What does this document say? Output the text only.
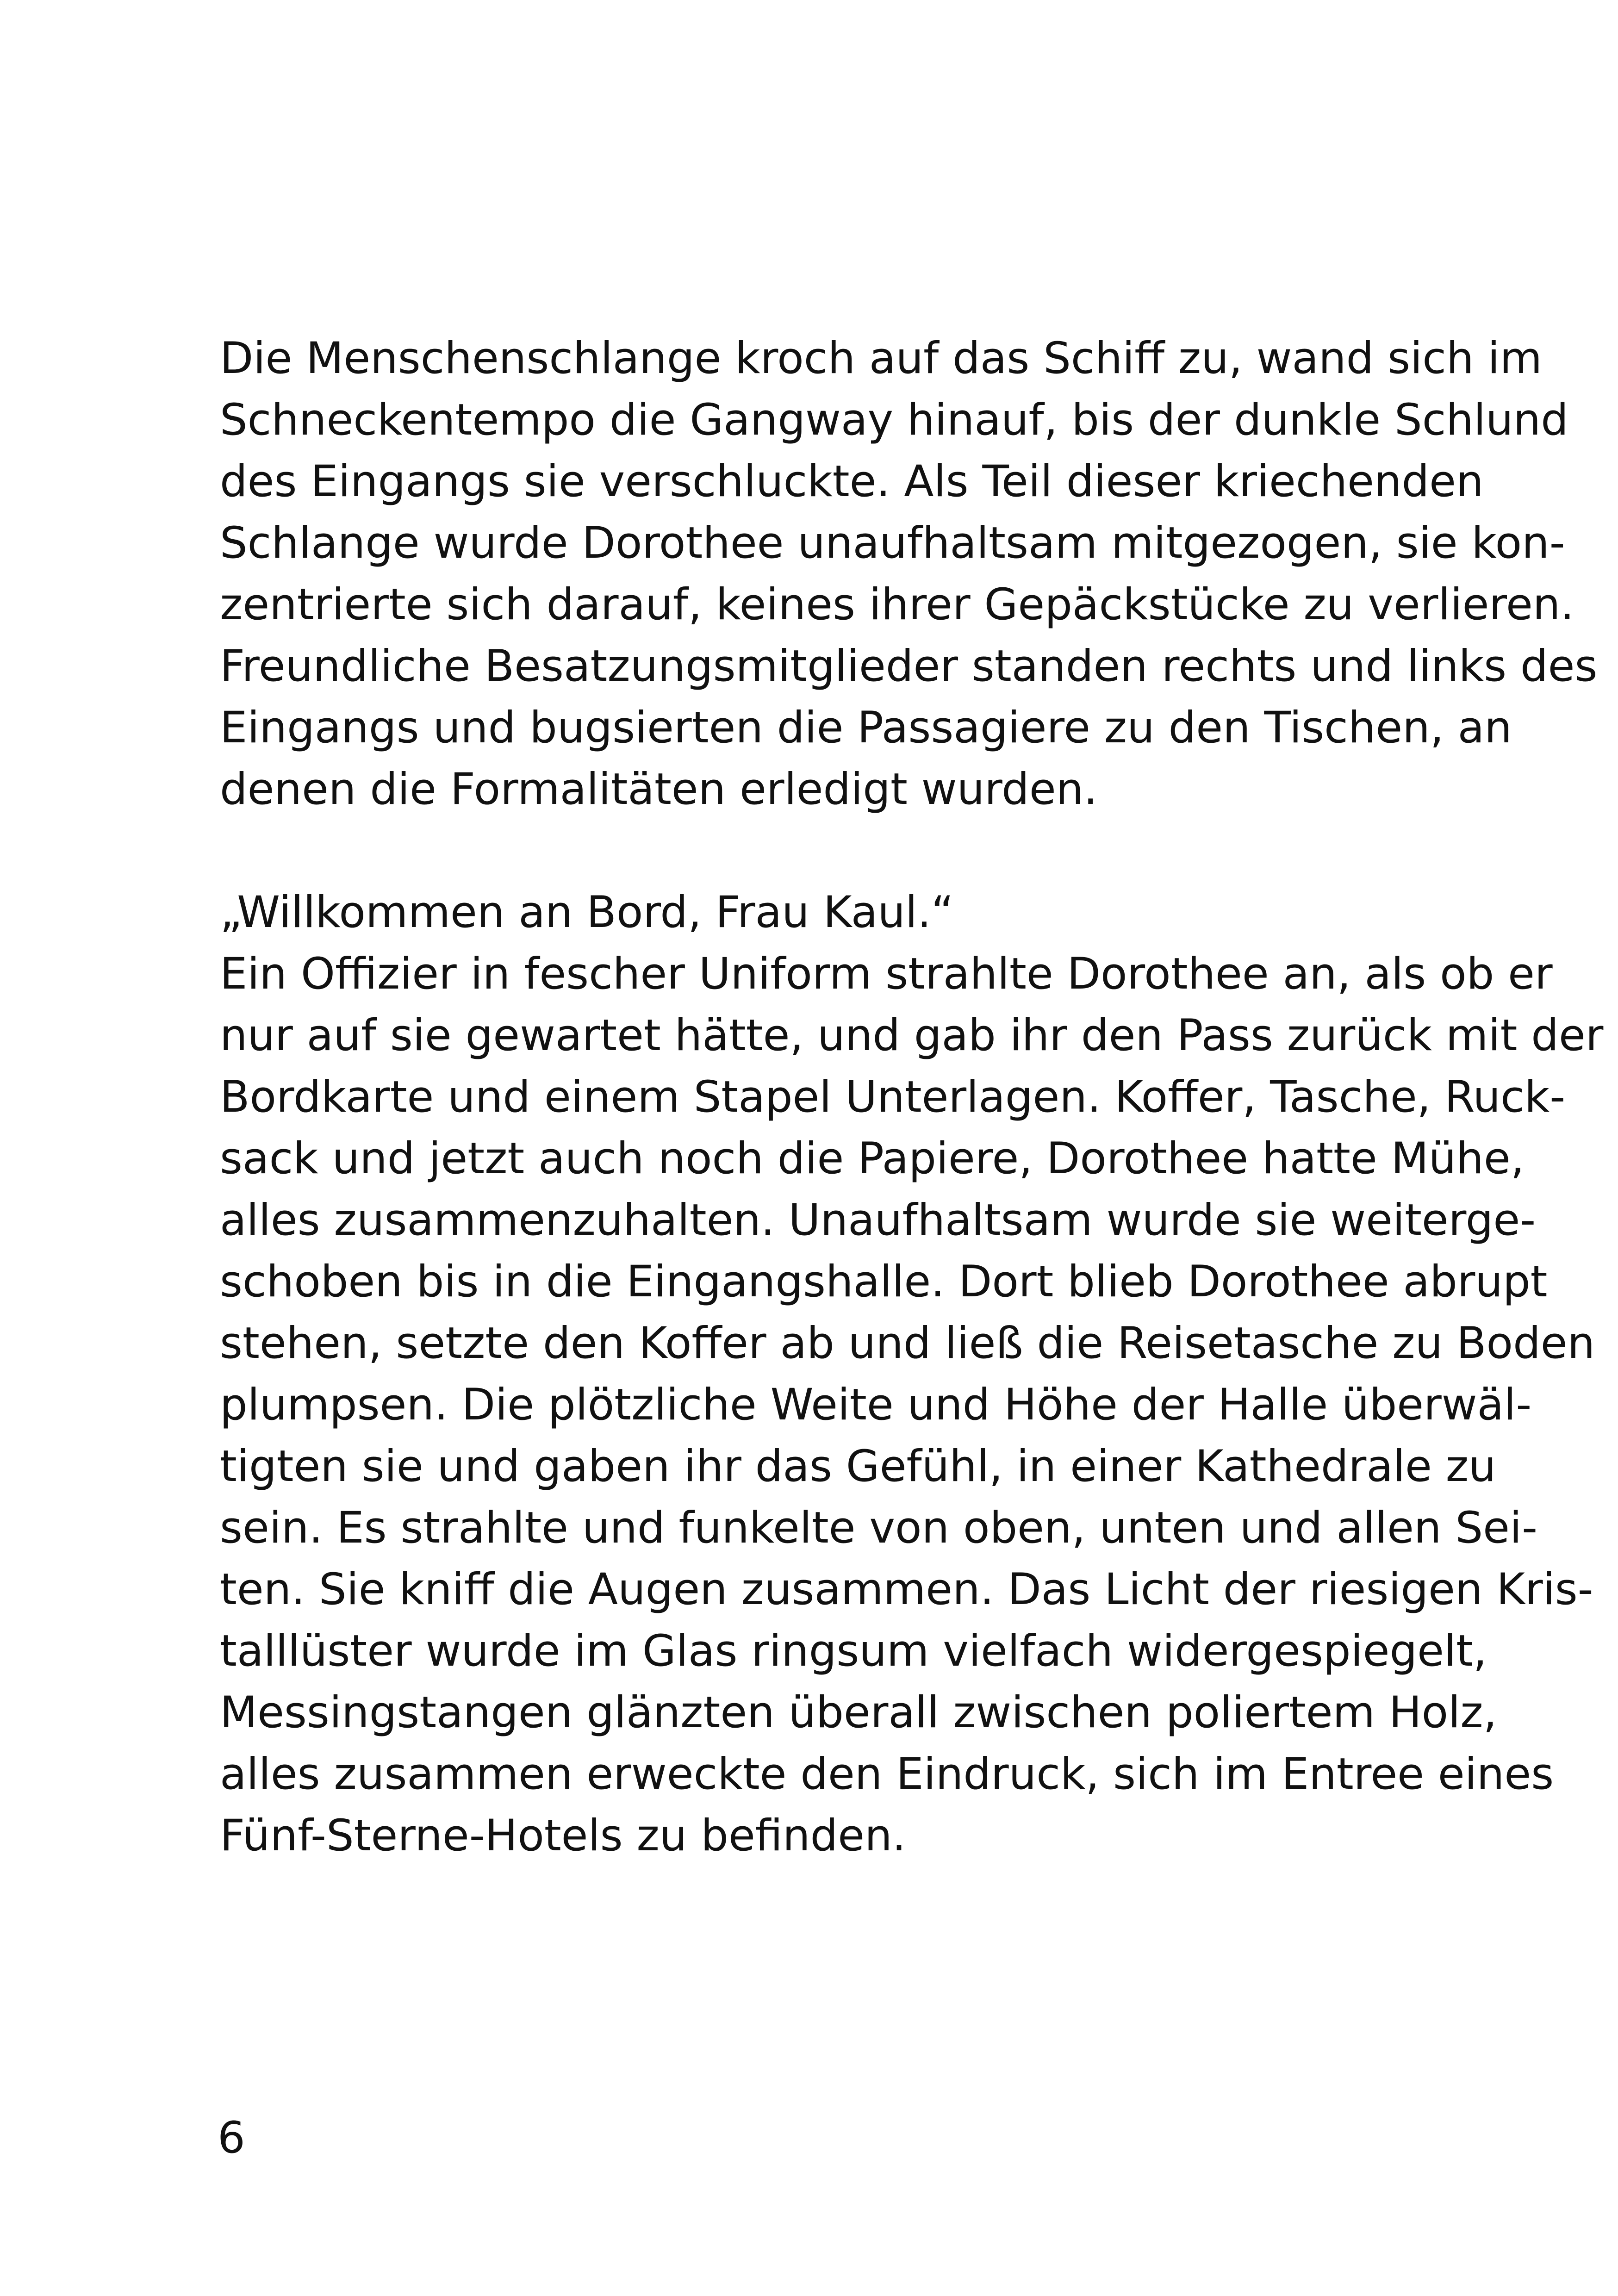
Die Menschenschlange kroch auf das Schiff zu, wand sich im
Schneckentempo die Gangway hinauf, bis der dunkle Schlund
des Eingangs sie verschluckte. Als Teil dieser kriechenden
Schlange wurde Dorothee unaufhaltsam mitgezogen, sie kon-
zentrierte sich darauf, keines ihrer Gepäckstücke zu verlieren.
Freundliche Besatzungsmitglieder standen rechts und links des
Eingangs und bugsierten die Passagiere zu den Tischen, an
denen die Formalitäten erledigt wurden.
„Willkommen an Bord, Frau Kaul.“
Ein Offizier in fescher Uniform strahlte Dorothee an, als ob er
nur auf sie gewartet hätte, und gab ihr den Pass zurück mit der
Bordkarte und einem Stapel Unterlagen. Koffer, Tasche, Ruck-
sack und jetzt auch noch die Papiere, Dorothee hatte Mühe,
alles zusammenzuhalten. Unaufhaltsam wurde sie weiterge-
schoben bis in die Eingangshalle. Dort blieb Dorothee abrupt
stehen, setzte den Koffer ab und ließ die Reisetasche zu Boden
plumpsen. Die plötzliche Weite und Höhe der Halle überwäl-
tigten sie und gaben ihr das Gefühl, in einer Kathedrale zu
sein. Es strahlte und funkelte von oben, unten und allen Sei-
ten. Sie kniff die Augen zusammen. Das Licht der riesigen Kris-
talllüster wurde im Glas ringsum vielfach widergespiegelt,
Messingstangen glänzten überall zwischen poliertem Holz,
alles zusammen erweckte den Eindruck, sich im Entree eines
Fünf-Sterne-Hotels zu befinden.
6
